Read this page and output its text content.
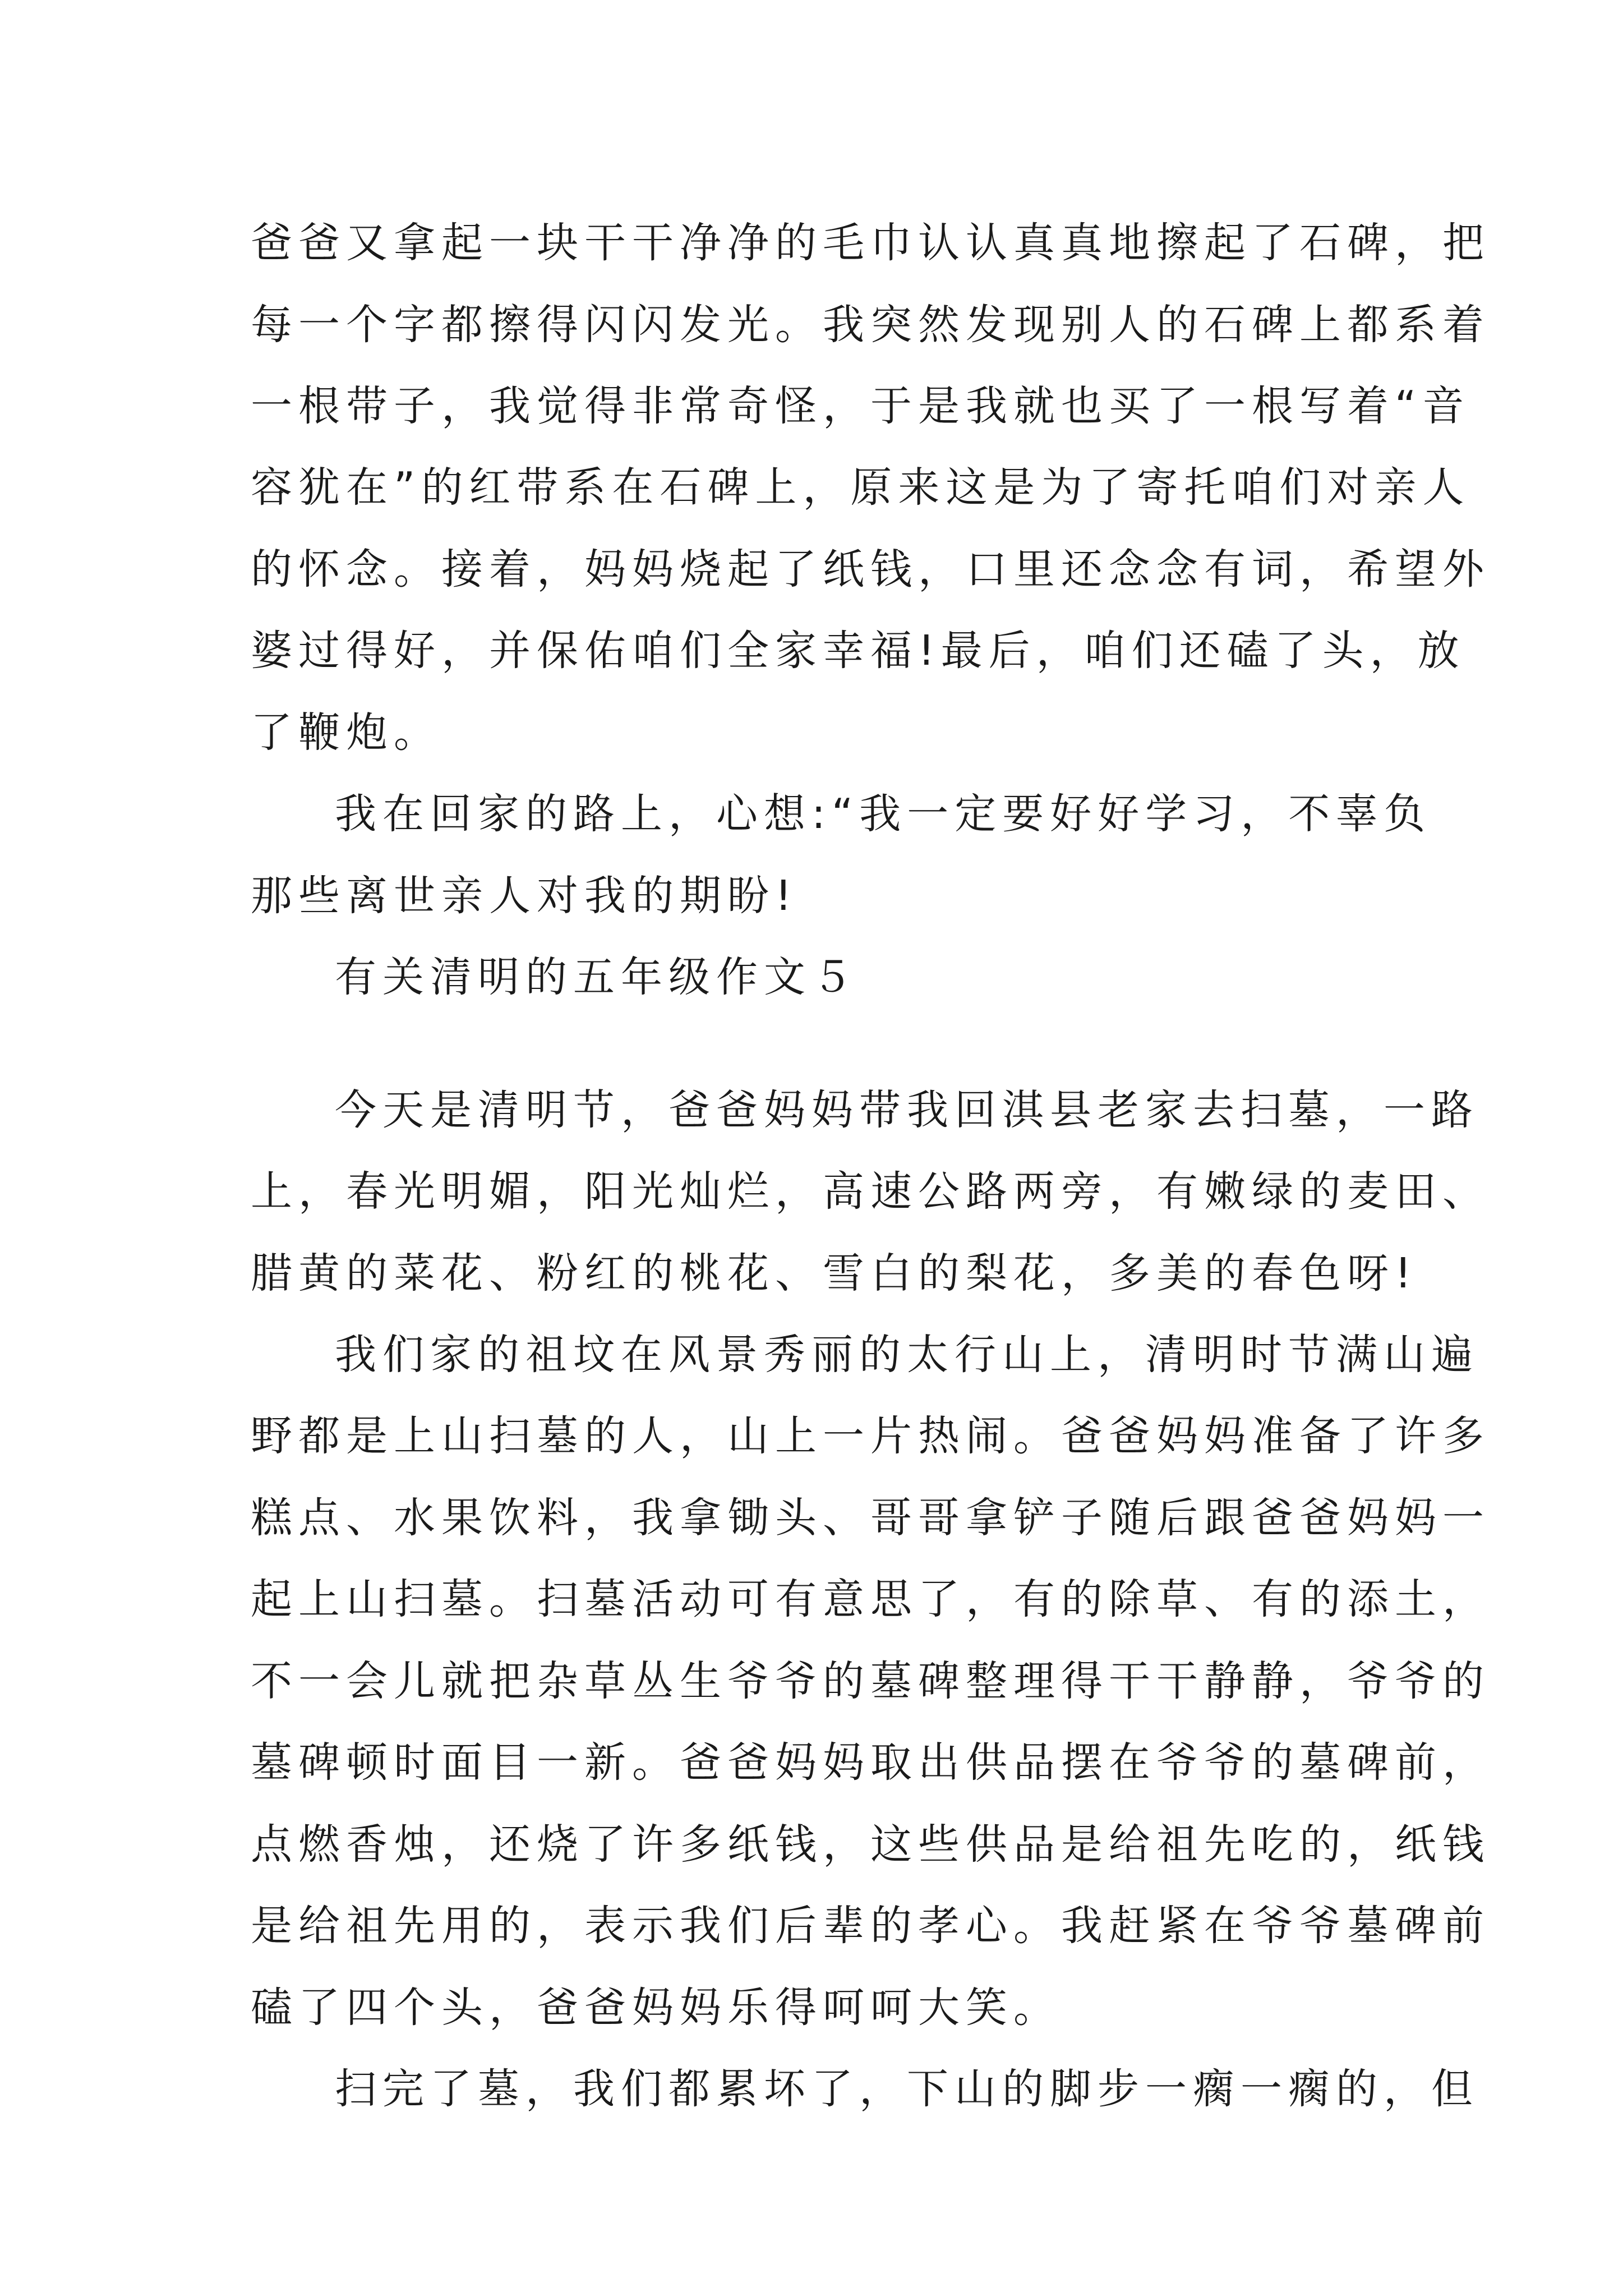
爸爸又拿起一块干干净净的毛巾认认真真地擦起了石碑，把
每一个字都擦得闪闪发光。我突然发现别人的石碑上都系着
一根带子，我觉得非常奇怪，于是我就也买了一根写着“音
容犹在”的红带系在石碑上，原来这是为了寄托咱们对亲人
的怀念。接着，妈妈烧起了纸钱，口里还念念有词，希望外
婆过得好，并保佑咱们全家幸福!最后，咱们还磕了头，放
了鞭炮。
我在回家的路上，心想:“我一定要好好学习，不辜负
那些离世亲人对我的期盼!
有关清明的五年级作文５
今天是清明节，爸爸妈妈带我回淇县老家去扫墓，一路
上，春光明媚，阳光灿烂，高速公路两旁，有嫩绿的麦田、
腊黄的菜花、粉红的桃花、雪白的梨花，多美的春色呀!
我们家的祖坟在风景秀丽的太行山上，清明时节满山遍
野都是上山扫墓的人，山上一片热闹。爸爸妈妈准备了许多
糕点、水果饮料，我拿锄头、哥哥拿铲子随后跟爸爸妈妈一
起上山扫墓。扫墓活动可有意思了，有的除草、有的添土，
不一会儿就把杂草丛生爷爷的墓碑整理得干干静静，爷爷的
墓碑顿时面目一新。爸爸妈妈取出供品摆在爷爷的墓碑前，
点燃香烛，还烧了许多纸钱，这些供品是给祖先吃的，纸钱
是给祖先用的，表示我们后辈的孝心。我赶紧在爷爷墓碑前
磕了四个头，爸爸妈妈乐得呵呵大笑。
扫完了墓，我们都累坏了，下山的脚步一瘸一瘸的，但
